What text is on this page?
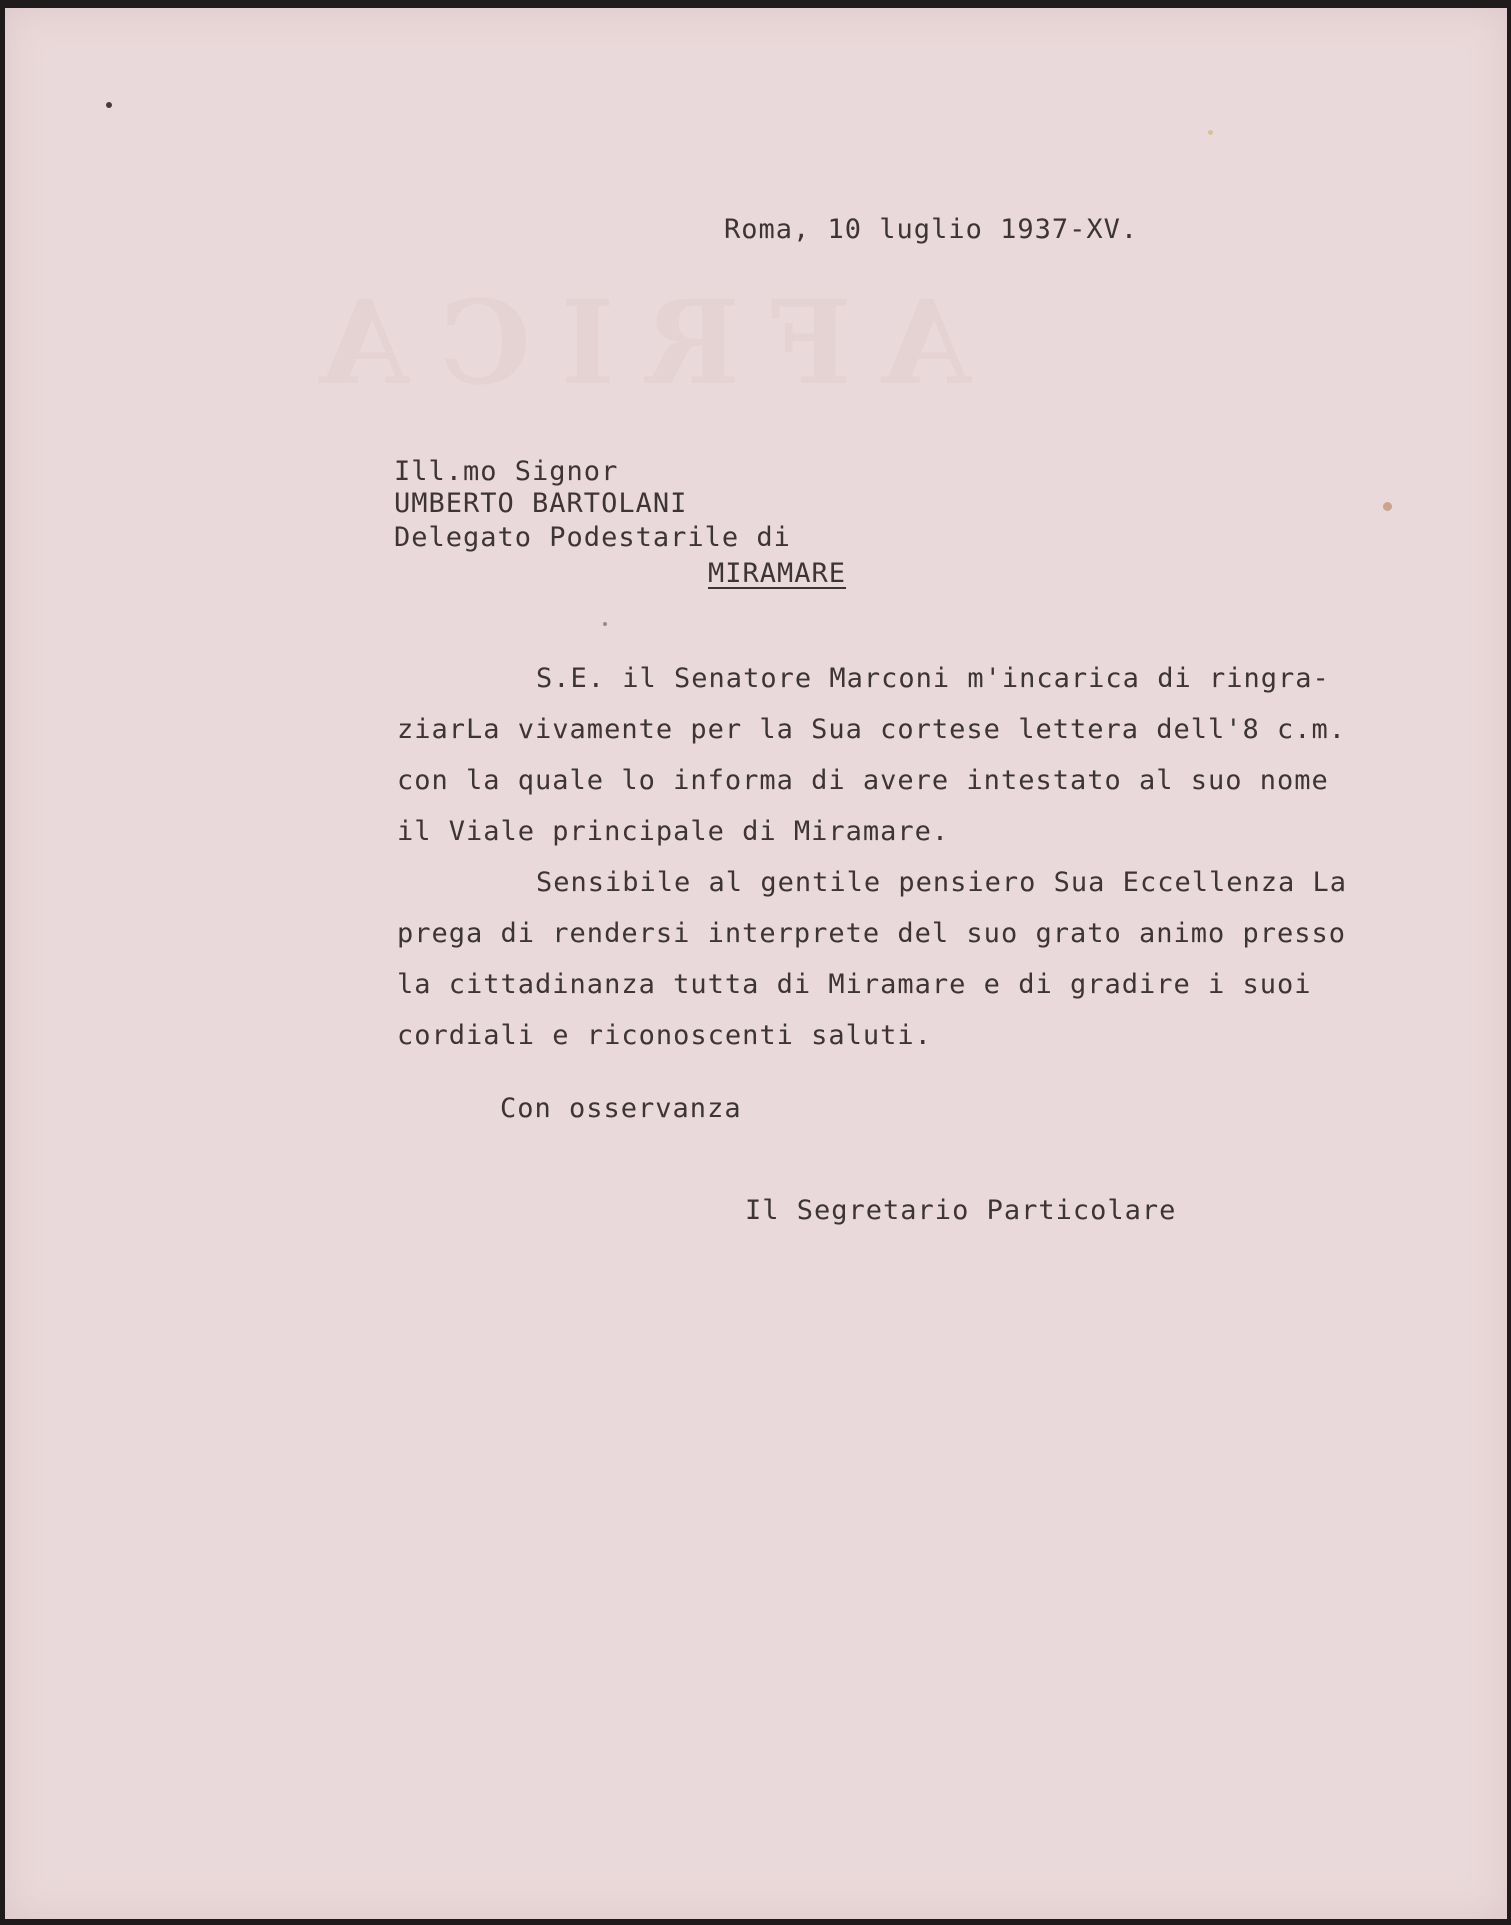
AFRICA
Roma, 10 luglio 1937-XV.
Ill.mo Signor
UMBERTO BARTOLANI
Delegato Podestarile di
MIRAMARE
S.E. il Senatore Marconi m'incarica di ringra-
ziarLa vivamente per la Sua cortese lettera dell'8 c.m.
con la quale lo informa di avere intestato al suo nome
il Viale principale di Miramare.
Sensibile al gentile pensiero Sua Eccellenza La
prega di rendersi interprete del suo grato animo presso
la cittadinanza tutta di Miramare e di gradire i suoi
cordiali e riconoscenti saluti.
Con osservanza
Il Segretario Particolare
